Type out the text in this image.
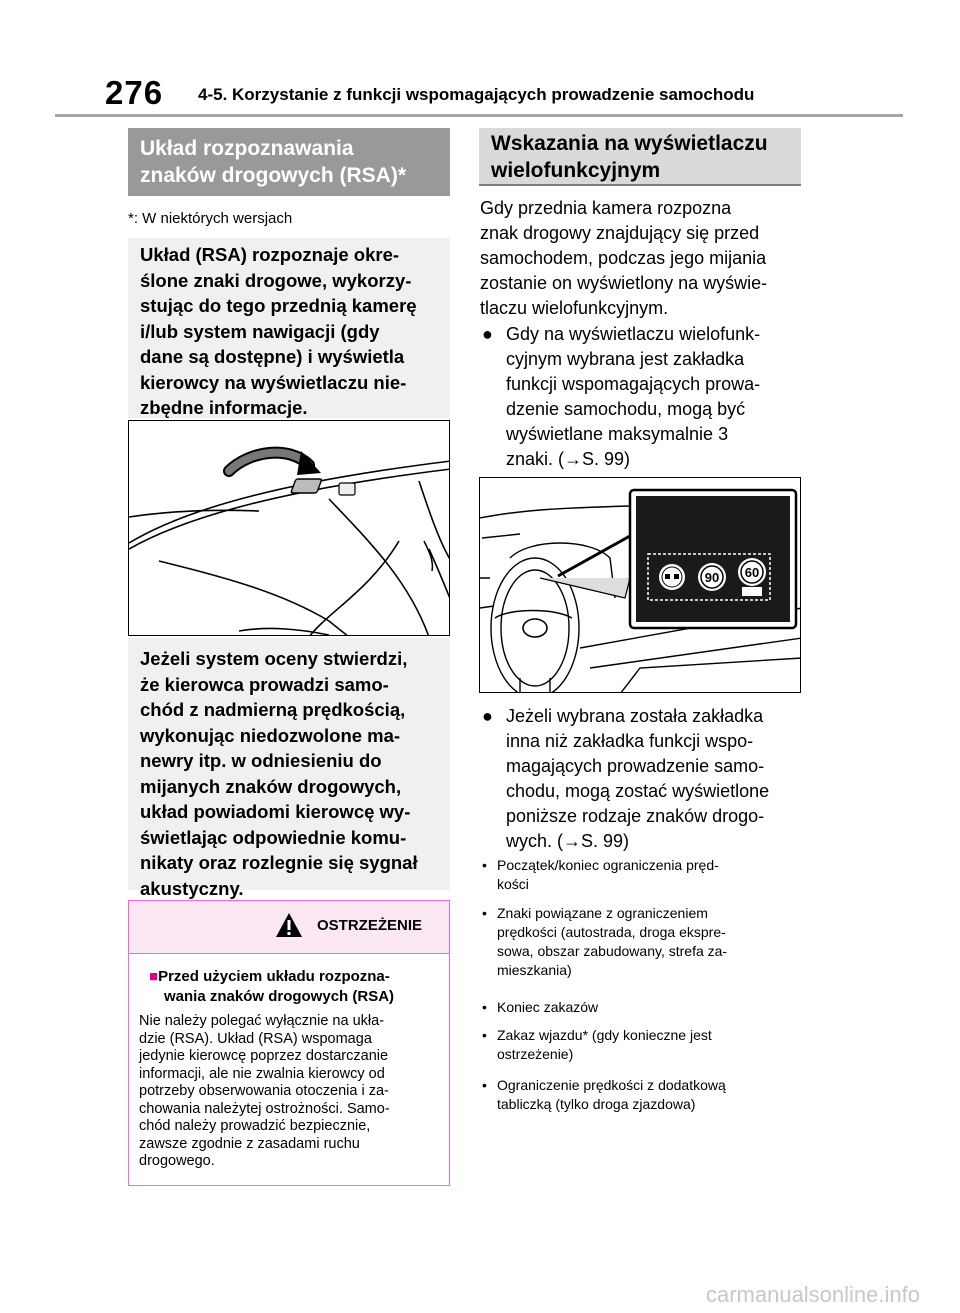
276 4-5. Korzystanie z funkcji wspomagających prowadzenie samochodu
Układ rozpoznawania
znaków drogowych (RSA)*
*: W niektórych wersjach
Układ (RSA) rozpoznaje okre-
ślone znaki drogowe, wykorzy-
stując do tego przednią kamerę
i/lub system nawigacji (gdy
dane są dostępne) i wyświetla
kierowcy na wyświetlaczu nie-
zbędne informacje.
Jeżeli system oceny stwierdzi,
że kierowca prowadzi samo-
chód z nadmierną prędkością,
wykonując niedozwolone ma-
newry itp. w odniesieniu do
mijanych znaków drogowych,
układ powiadomi kierowcę wy-
świetlając odpowiednie komu-
nikaty oraz rozlegnie się sygnał
akustyczny.
OSTRZEŻENIE
■Przed użyciem układu rozpozna-
wania znaków drogowych (RSA)
Nie należy polegać wyłącznie na ukła-
dzie (RSA). Układ (RSA) wspomaga
jedynie kierowcę poprzez dostarczanie
informacji, ale nie zwalnia kierowcy od
potrzeby obserwowania otoczenia i za-
chowania należytej ostrożności. Samo-
chód należy prowadzić bezpiecznie,
zawsze zgodnie z zasadami ruchu
drogowego.
Wskazania na wyświetlaczu
wielofunkcyjnym
Gdy przednia kamera rozpozna
znak drogowy znajdujący się przed
samochodem, podczas jego mijania
zostanie on wyświetlony na wyświe-
tlaczu wielofunkcyjnym.
● Gdy na wyświetlaczu wielofunk-
cyjnym wybrana jest zakładka
funkcji wspomagających prowa-
dzenie samochodu, mogą być
wyświetlane maksymalnie 3
znaki. (→S. 99)
90 60
● Jeżeli wybrana została zakładka
inna niż zakładka funkcji wspo-
magających prowadzenie samo-
chodu, mogą zostać wyświetlone
poniższe rodzaje znaków drogo-
wych. (→S. 99)
• Początek/koniec ograniczenia pręd-
kości
• Znaki powiązane z ograniczeniem
prędkości (autostrada, droga ekspre-
sowa, obszar zabudowany, strefa za-
mieszkania)
• Koniec zakazów
• Zakaz wjazdu* (gdy konieczne jest
ostrzeżenie)
• Ograniczenie prędkości z dodatkową
tabliczką (tylko droga zjazdowa)
carmanualsonline.info
